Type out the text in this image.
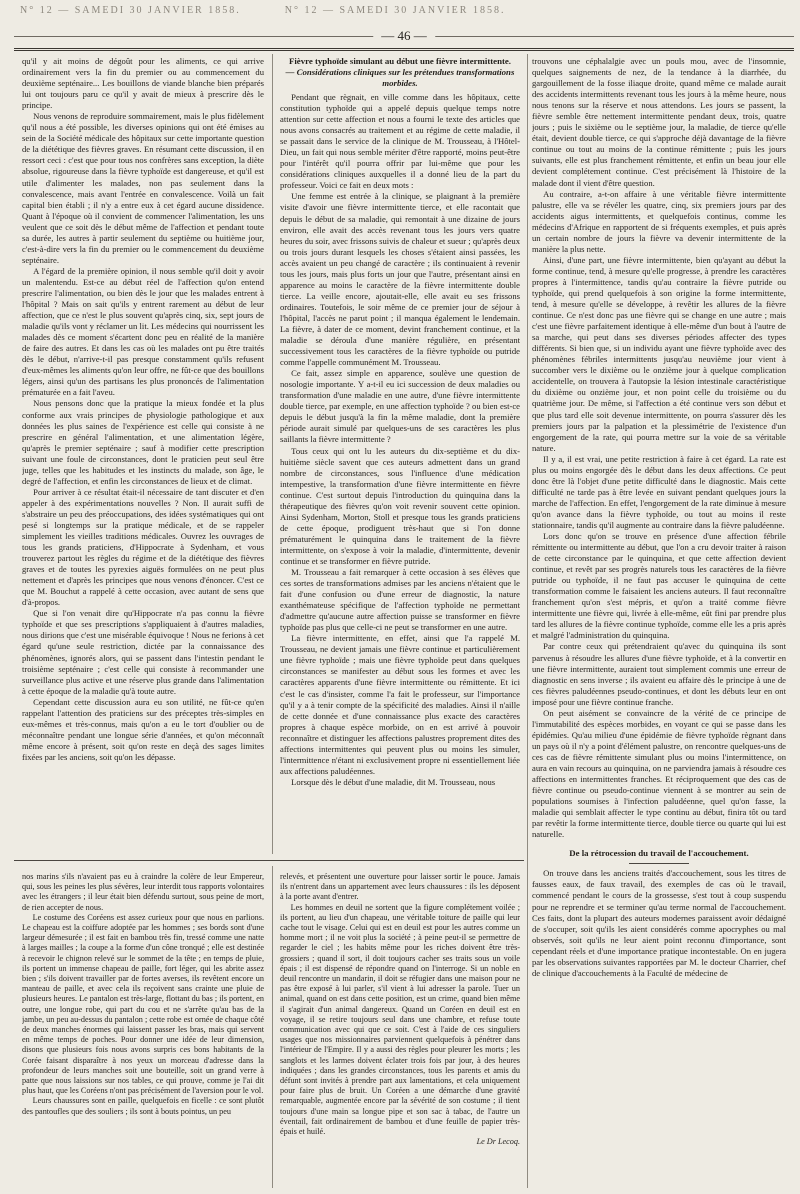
N° 12 — SAMEDI 30 JANVIER 1858.	N° 12 — SAMEDI 30 JANVIER 1858.
— 46 —

qu'il y ait moins de dégoût pour les aliments, ce qui arrive ordinairement vers la fin du premier ou au commencement du deuxième septénaire... Les bouillons de viande blanche bien préparés lui ont toujours paru ce qu'il y avait de mieux à prescrire dès le principe.

Nous venons de reproduire sommairement, mais le plus fidèlement qu'il nous a été possible, les diverses opinions qui ont été émises au sein de la Société médicale des hôpitaux sur cette importante question de la diététique des fièvres graves. En résumant cette discussion, il en ressort ceci : c'est que pour tous nos confrères sans exception, la diète absolue, rigoureuse dans la fièvre typhoïde est dangereuse, et qu'il est utile d'alimenter les malades, non pas seulement dans la convalescence, mais avant l'entrée en convalescence. Voilà un fait capital bien établi ; il n'y a entre eux à cet égard aucune dissidence. Quant à l'époque où il convient de commencer l'alimentation, les uns veulent que ce soit dès le début même de l'affection et pendant toute sa durée, les autres à partir seulement du septième ou huitième jour, c'est-à-dire vers la fin du premier ou le commencement du deuxième septénaire.

A l'égard de la première opinion, il nous semble qu'il doit y avoir un malentendu. Est-ce au début réel de l'affection qu'on entend prescrire l'alimentation, ou bien dès le jour que les malades entrent à l'hôpital ? Mais on sait qu'ils y entrent rarement au début de leur affection, que ce n'est le plus souvent qu'après cinq, six, sept jours de maladie qu'ils vont y réclamer un lit. Les médecins qui nourrissent les malades dès ce moment s'écartent donc peu en réalité de la manière de faire des autres. Et dans les cas où les malades ont pu être traités dès le début, n'arrive-t-il pas presque constamment qu'ils refusent d'eux-mêmes les aliments qu'on leur offre, ne fût-ce que des bouillons légers, ainsi qu'un des partisans les plus prononcés de l'alimentation prématurée en a fait l'aveu.

Nous pensons donc que la pratique la mieux fondée et la plus conforme aux vrais principes de physiologie pathologique et aux données les plus saines de l'expérience est celle qui consiste à ne prescrire en général l'alimentation, et une alimentation légère, qu'après le premier septénaire ; sauf à modifier cette prescription suivant une foule de circonstances, dont le praticien peut seul être juge, telles que les habitudes et les instincts du malade, son âge, le degré de l'affection, et enfin les circonstances de lieux et de climat.

Pour arriver à ce résultat était-il nécessaire de tant discuter et d'en appeler à des expérimentations nouvelles ? Non. Il aurait suffi de s'abstraire un peu des préoccupations, des idées systématiques qui ont pesé si longtemps sur la pratique médicale, et de se rappeler simplement les vieilles traditions médicales. Ouvrez les ouvrages de tous les grands praticiens, d'Hippocrate à Sydenham, et vous trouverez partout les règles du régime et de la diététique des fièvres graves et de toutes les pyrexies aiguës formulées on ne peut plus nettement et d'après les principes que nous venons d'énoncer. C'est ce que M. Bouchut a rappelé à cette occasion, avec autant de sens que d'à-propos.

Que si l'on venait dire qu'Hippocrate n'a pas connu la fièvre typhoïde et que ses prescriptions s'appliquaient à d'autres maladies, nous dirions que c'est une misérable équivoque ! Nous ne ferions à cet égard qu'une seule restriction, dictée par la connaissance des phénomènes, ignorés alors, qui se passent dans l'intestin pendant le troisième septénaire ; c'est celle qui consiste à recommander une surveillance plus active et une réserve plus grande dans l'alimentation à cette époque de la maladie qu'à toute autre.

Cependant cette discussion aura eu son utilité, ne fût-ce qu'en rappelant l'attention des praticiens sur des préceptes très-simples en eux-mêmes et très-connus, mais qu'on a eu le tort d'oublier ou de méconnaître pendant une longue série d'années, et qu'on méconnaît même encore à présent, soit qu'on reste en deçà des sages limites fixées par les anciens, soit qu'on les dépasse.

Fièvre typhoïde simulant au début une fièvre intermittente.
— Considérations cliniques sur les prétendues transformations morbides.

Pendant que règnait, en ville comme dans les hôpitaux, cette constitution typhoïde qui a appelé depuis quelque temps notre attention sur cette affection et nous a fourni le texte des articles que nous avons consacrés au traitement et au régime de cette maladie, il se passait dans le service de la clinique de M. Trousseau, à l'Hôtel-Dieu, un fait qui nous semble mériter d'être rapporté, moins peut-être pour l'intérêt qu'il pourra offrir par lui-même que pour les considérations cliniques auxquelles il a donné lieu de la part du professeur. Voici ce fait en deux mots :

Une femme est entrée à la clinique, se plaignant à la première visite d'avoir une fièvre intermittente tierce, et elle racontait que depuis le début de sa maladie, qui remontait à une dizaine de jours environ, elle avait des accès revenant tous les jours vers quatre heures du soir, avec frissons suivis de chaleur et sueur ; qu'après deux ou trois jours durant lesquels les choses s'étaient ainsi passées, les accès avaient un peu changé de caractère ; ils continuaient à revenir tous les jours, mais plus forts un jour que l'autre, présentant ainsi en apparence au moins le caractère de la fièvre intermittente double tierce. La veille encore, ajoutait-elle, elle avait eu ses frissons ordinaires. Toutefois, le soir même de ce premier jour de séjour à l'hôpital, l'accès ne parut point ; il manqua également le lendemain. La fièvre, à dater de ce moment, devint franchement continue, et la maladie se déroula d'une manière régulière, en présentant successivement tous les caractères de la fièvre typhoïde ou putride comme l'appelle communément M. Trousseau.

Ce fait, assez simple en apparence, soulève une question de nosologie importante. Y a-t-il eu ici succession de deux maladies ou transformation d'une maladie en une autre, d'une fièvre intermittente double tierce, par exemple, en une affection typhoïde ? ou bien est-ce depuis le début jusqu'à la fin la même maladie, dont la première période aurait simulé par quelques-uns de ses caractères les plus saillants la fièvre intermittente ?

Tous ceux qui ont lu les auteurs du dix-septième et du dix-huitième siècle savent que ces auteurs admettent dans un grand nombre de circonstances, sous l'influence d'une médication intempestive, la transformation d'une fièvre intermittente en fièvre continue. C'est surtout depuis l'introduction du quinquina dans la thérapeutique des fièvres qu'on voit revenir souvent cette opinion. Ainsi Sydenham, Morton, Stoll et presque tous les grands praticiens de cette époque, prodiguent très-haut que si l'on donne prématurément le quinquina dans le traitement de la fièvre intermittente, on s'expose à voir la maladie, d'intermittente, devenir continue et se transformer en fièvre putride.

M. Trousseau a fait remarquer à cette occasion à ses élèves que ces sortes de transformations admises par les anciens n'étaient que le fait d'une confusion ou d'une erreur de diagnostic, la nature exanthémateuse spécifique de l'affection typhoïde ne permettant d'admettre qu'aucune autre affection puisse se transformer en fièvre typhoïde pas plus que celle-ci ne peut se transformer en une autre.

La fièvre intermittente, en effet, ainsi que l'a rappelé M. Trousseau, ne devient jamais une fièvre continue et particulièrement une fièvre typhoïde ; mais une fièvre typhoïde peut dans quelques circonstances se manifester au début sous les formes et avec les caractères apparents d'une fièvre intermittente ou rémittente. Et ici c'est le cas d'insister, comme l'a fait le professeur, sur l'importance qu'il y a à tenir compte de la spécificité des maladies. Ainsi il n'aille de cette donnée et d'une connaissance plus exacte des caractères propres à chaque espèce morbide, on en est arrivé à pouvoir reconnaître et distinguer les affections palustres proprement dites des affections intermittentes qui peuvent plus ou moins les simuler, l'intermittence n'étant ni exclusivement propre ni essentiellement liée aux affections paludéennes.

Lorsque dès le début d'une maladie, dit M. Trousseau, nous

trouvons une céphalalgie avec un pouls mou, avec de l'insomnie, quelques saignements de nez, de la tendance à la diarrhée, du gargouillement de la fosse iliaque droite, quand même ce malade aurait des accidents intermittents revenant tous les jours à la même heure, nous nous tenons sur la réserve et nous attendons. Les jours se passent, la fièvre semble être nettement intermittente pendant deux, trois, quatre jours ; puis le sixième ou le septième jour, la maladie, de tierce qu'elle était, devient double tierce, ce qui s'approche déjà davantage de la fièvre continue ou tout au moins de la continue rémittente ; puis les jours suivants, elle est plus franchement rémittente, et enfin un beau jour elle devient complétement continue. C'est précisément là l'histoire de la malade dont il vient d'être question.

Au contraire, a-t-on affaire à une véritable fièvre intermittente palustre, elle va se révéler les quatre, cinq, six premiers jours par des accidents aigus intermittents, et quelquefois continus, comme les médecins d'Afrique en rapportent de si fréquents exemples, et puis après un certain nombre de jours la fièvre va devenir intermittente de la manière la plus nette.

Ainsi, d'une part, une fièvre intermittente, bien qu'ayant au début la forme continue, tend, à mesure qu'elle progresse, à prendre les caractères propres à l'intermittence, tandis qu'au contraire la fièvre putride ou typhoïde, qui prend quelquefois à son origine la forme intermittente, tend, à mesure qu'elle se développe, à revêtir les allures de la fièvre continue. Ce n'est donc pas une fièvre qui se change en une autre ; mais c'est une fièvre parfaitement identique à elle-même d'un bout à l'autre de sa marche, qui peut dans ses diverses périodes affecter des types différents. Si bien que, si un individu ayant une fièvre typhoïde avec des phénomènes fébriles intermittents jusqu'au neuvième jour vient à succomber vers le dixième ou le onzième jour à quelque complication accidentelle, on trouvera à l'autopsie la lésion intestinale caractéristique du dixième ou onzième jour, et non point celle du troisième ou du quatrième jour. De même, si l'affection a été continue vers son début et que plus tard elle soit devenue intermittente, on pourra s'assurer dès les premiers jours par la palpation et la plessimétrie de l'existence d'un engorgement de la rate, qui pourra mettre sur la voie de sa véritable nature.

Il y a, il est vrai, une petite restriction à faire à cet égard. La rate est plus ou moins engorgée dès le début dans les deux affections. Ce peut donc être là l'objet d'une petite difficulté dans le diagnostic. Mais cette difficulté ne tarde pas à être levée en suivant pendant quelques jours la marche de l'affection. En effet, l'engorgement de la rate diminue à mesure qu'on avance dans la fièvre typhoïde, ou tout au moins il reste stationnaire, tandis qu'il augmente au contraire dans la fièvre paludéenne.

Lors donc qu'on se trouve en présence d'une affection fébrile rémittente ou intermittente au début, que l'on a cru devoir traiter à raison de cette circonstance par le quinquina, et que cette affection devient continue, et revêt par ses progrès naturels tous les caractères de la fièvre putride ou typhoïde, il ne faut pas accuser le quinquina de cette transformation comme le faisaient les anciens auteurs. Il faut reconnaître franchement qu'on s'est mépris, et qu'on a traité comme fièvre intermittente une fièvre qui, livrée à elle-même, eût fini par prendre plus tard les allures de la fièvre continue typhoïde, comme elle les a pris après et malgré l'administration du quinquina.

Par contre ceux qui prétendraient qu'avec du quinquina ils sont parvenus à résoudre les allures d'une fièvre typhoïde, et à la convertir en une fièvre intermittente, auraient tout simplement commis une erreur de diagnostic en sens inverse ; ils avaient eu affaire dès le principe à une de ces fièvres paludéennes pseudo-continues, et dont les débuts leur en ont imposé pour une fièvre continue franche.

On peut aisément se convaincre de la vérité de ce principe de l'immutabilité des espèces morbides, en voyant ce qui se passe dans les épidémies. Qu'au milieu d'une épidémie de fièvre typhoïde règnant dans un pays où il n'y a point d'élément palustre, on rencontre quelques-uns de ces cas de fièvre rémittente simulant plus ou moins l'intermittence, on aura en vain recours au quinquina, on ne parviendra jamais à résoudre ces affections en intermittentes franches. Et réciproquement que des cas de fièvre continue ou pseudo-continue viennent à se montrer au sein de populations soumises à l'infection paludéenne, quel qu'on fasse, la maladie qui semblait affecter le type continu au début, finira tôt ou tard par revêtir la forme intermittente tierce, double tierce ou quarte qui lui est naturelle.

De la rétrocession du travail de l'accouchement.

On trouve dans les anciens traités d'accouchement, sous les titres de fausses eaux, de faux travail, des exemples de cas où le travail, commencé pendant le cours de la grossesse, s'est tout à coup suspendu pour ne reprendre et se terminer qu'au terme normal de l'accouchement. Ces faits, dont la plupart des auteurs modernes paraissent avoir dédaigné de s'occuper, soit qu'ils les aient considérés comme apocryphes ou mal observés, soit qu'ils ne leur aient point reconnu d'importance, sont cependant réels et d'une importance pratique incontestable. On en jugera par les observations suivantes rapportées par M. le docteur Charrier, chef de clinique d'accouchements à la Faculté de médecine de

nos marins s'ils n'avaient pas eu à craindre la colère de leur Empereur, qui, sous les peines les plus sévères, leur interdit tous rapports volontaires avec les étrangers ; il leur était bien défendu surtout, sous peine de mort, de rien accepter de nous.

Le costume des Coréens est assez curieux pour que nous en parlions. Le chapeau est la coiffure adoptée par les hommes ; ses bords sont d'une largeur démesurée ; il est fait en bambou très fin, tressé comme une natte à larges mailles ; la coupe a la forme d'un cône tronqué ; elle est destinée à recevoir le chignon relevé sur le sommet de la tête ; en temps de pluie, ils portent un immense chapeau de paille, fort léger, qui les abrite assez bien ; s'ils doivent travailler par de fortes averses, ils revêtent encore un manteau de paille, et avec cela ils reçoivent sans crainte une pluie de plusieurs heures. Le pantalon est très-large, flottant du bas ; ils portent, en outre, une longue robe, qui part du cou et ne s'arrête qu'au bas de la jambe, un peu au-dessus du pantalon ; cette robe est ornée de chaque côté de deux manches énormes qui laissent passer les bras, mais qui servent en même temps de poches. Pour donner une idée de leur dimension, disons que plusieurs fois nous avons surpris ces bons habitants de la Corée faisant disparaître à nos yeux un morceau d'adresse dans la profondeur de leurs manches soit une bouteille, soit un grand verre à patte que nous laissions sur nos tables, ce qui prouve, comme je l'ai dit plus haut, que les Coréens n'ont pas précisément de l'aversion pour le vol.

Leurs chaussures sont en paille, quelquefois en ficelle : ce sont plutôt des pantoufles que des souliers ; ils sont à bouts pointus, un peu

relevés, et présentent une ouverture pour laisser sortir le pouce. Jamais ils n'entrent dans un appartement avec leurs chaussures : ils les déposent à la porte avant d'entrer.

Les hommes en deuil ne sortent que la figure complétement voilée ; ils portent, au lieu d'un chapeau, une véritable toiture de paille qui leur cache tout le visage. Celui qui est en deuil est pour les autres comme un homme mort ; il ne voit plus la société ; à peine peut-il se permettre de regarder le ciel ; les habits même pour les riches doivent être très-grossiers ; quand il sort, il doit toujours cacher ses traits sous un voile épais ; il est dispensé de répondre quand on l'interroge. Si un noble en deuil rencontre un mandarin, il doit se réfugier dans une maison pour ne pas être exposé à lui parler, s'il vient à lui adresser la parole. Tuer un animal, quand on est dans cette position, est un crime, quand bien même il s'agirait d'un animal dangereux. Quand un Coréen en deuil est en voyage, il se retire toujours seul dans une chambre, et refuse toute communication avec qui que ce soit. C'est à l'aide de ces singuliers usages que nos missionnaires parviennent quelquefois à pénétrer dans l'intérieur de l'Empire. Il y a aussi des règles pour pleurer les morts ; les sanglots et les larmes doivent éclater trois fois par jour, à des heures indiquées ; dans les grandes circonstances, tous les parents et amis du défunt sont invités à prendre part aux lamentations, et cela uniquement pour faire plus de bruit. Un Coréen a une démarche d'une gravité remarquable, augmentée encore par la sévérité de son costume ; il tient toujours d'une main sa longue pipe et son sac à tabac, de l'autre un éventail, fait ordinairement de bambou et d'une feuille de papier très-épais et huilé.

Le Dr Lecoq.
